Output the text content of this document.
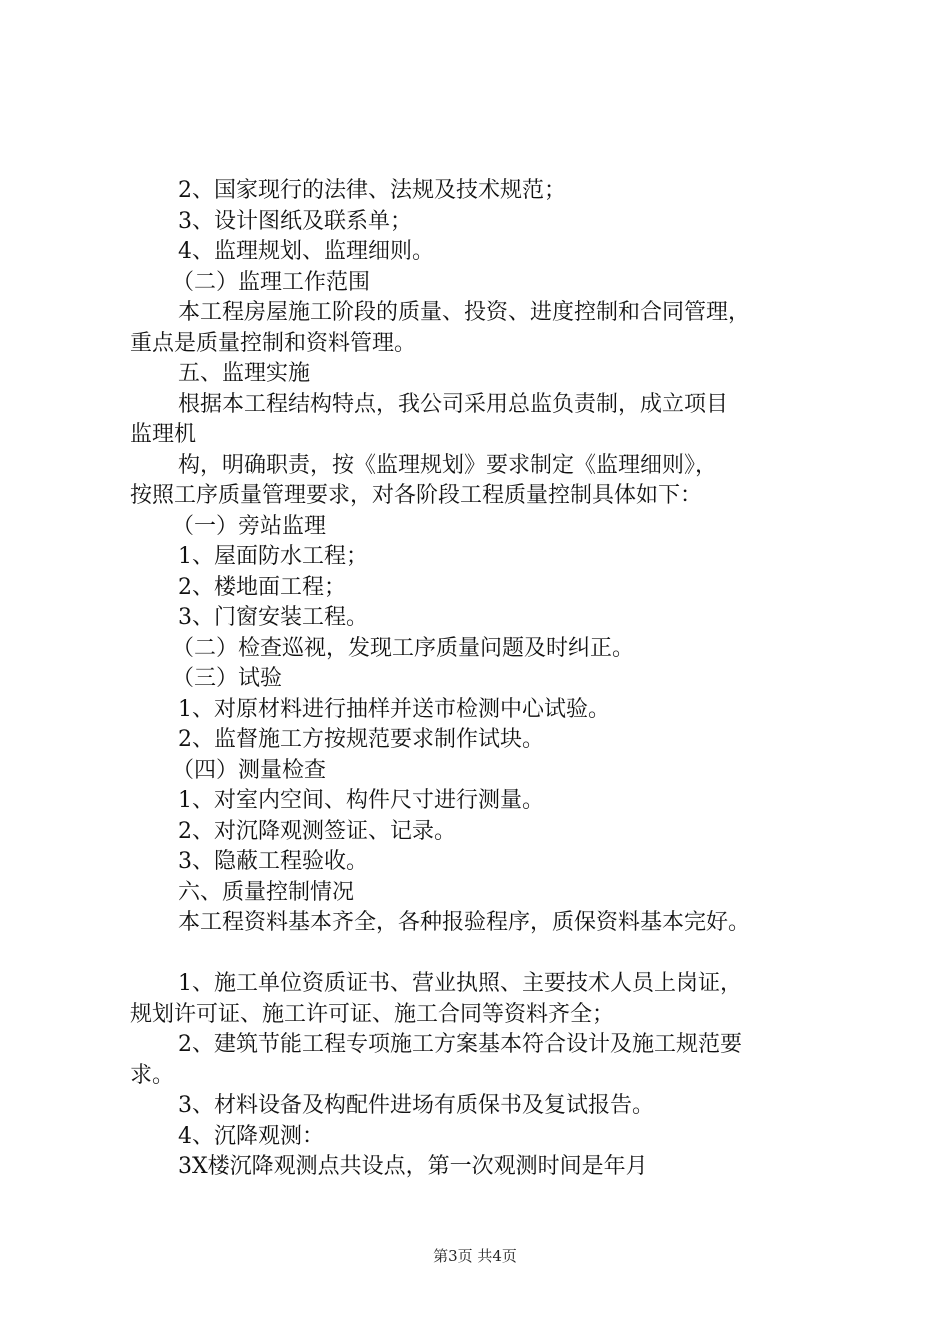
2、国家现行的法律、法规及技术规范；
3、设计图纸及联系单；
4、监理规划、监理细则。
（二）监理工作范围
本工程房屋施工阶段的质量、投资、进度控制和合同管理，
重点是质量控制和资料管理。
五、监理实施
根据本工程结构特点，我公司采用总监负责制，成立项目
监理机
构，明确职责，按《监理规划》要求制定《监理细则》，
按照工序质量管理要求，对各阶段工程质量控制具体如下：
（一）旁站监理
1、屋面防水工程；
2、楼地面工程；
3、门窗安装工程。
（二）检查巡视，发现工序质量问题及时纠正。
（三）试验
1、对原材料进行抽样并送市检测中心试验。
2、监督施工方按规范要求制作试块。
（四）测量检查
1、对室内空间、构件尺寸进行测量。
2、对沉降观测签证、记录。
3、隐蔽工程验收。
六、质量控制情况
本工程资料基本齐全，各种报验程序，质保资料基本完好。
1、施工单位资质证书、营业执照、主要技术人员上岗证，
规划许可证、施工许可证、施工合同等资料齐全；
2、建筑节能工程专项施工方案基本符合设计及施工规范要
求。
3、材料设备及构配件进场有质保书及复试报告。
4、沉降观测：
3X楼沉降观测点共设点，第一次观测时间是年月
第3页 共4页
